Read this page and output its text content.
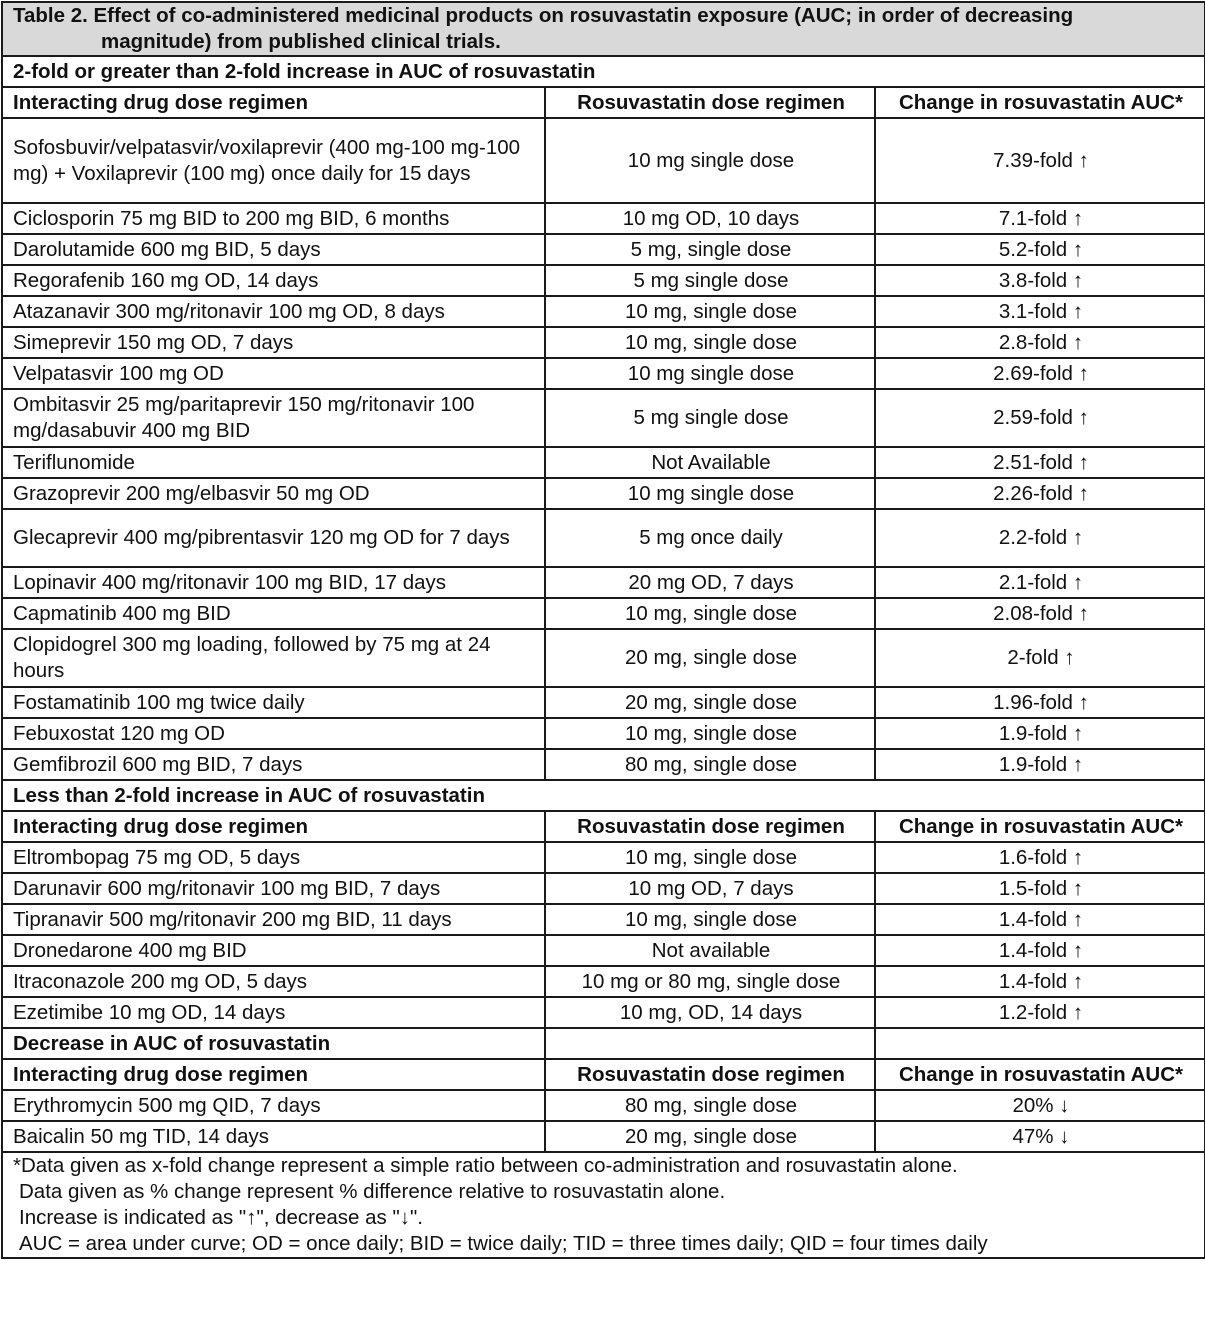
Table 2. Effect of co-administered medicinal products on rosuvastatin exposure (AUC; in order of decreasing
magnitude) from published clinical trials.		

2-fold or greater than 2-fold increase in AUC of rosuvastatin		
Interacting drug dose regimen	Rosuvastatin dose regimen	Change in rosuvastatin AUC*
Sofosbuvir/velpatasvir/voxilaprevir (400 mg-100 mg-100 mg) + Voxilaprevir (100 mg) once daily for 15 days	10 mg single dose	7.39-fold ↑
Ciclosporin 75 mg BID to 200 mg BID, 6 months	10 mg OD, 10 days	7.1-fold ↑
Darolutamide 600 mg BID, 5 days	5 mg, single dose	5.2-fold ↑
Regorafenib 160 mg OD, 14 days	5 mg single dose	3.8-fold ↑
Atazanavir 300 mg/ritonavir 100 mg OD, 8 days	10 mg, single dose	3.1-fold ↑
Simeprevir 150 mg OD, 7 days	10 mg, single dose	2.8-fold ↑
Velpatasvir 100 mg OD	10 mg single dose	2.69-fold ↑
Ombitasvir 25 mg/paritaprevir 150 mg/ritonavir 100 mg/dasabuvir 400 mg BID	5 mg single dose	2.59-fold ↑
Teriflunomide	Not Available	2.51-fold ↑
Grazoprevir 200 mg/elbasvir 50 mg OD	10 mg single dose	2.26-fold ↑
Glecaprevir 400 mg/pibrentasvir 120 mg OD for 7 days	5 mg once daily	2.2-fold ↑
Lopinavir 400 mg/ritonavir 100 mg BID, 17 days	20 mg OD, 7 days	2.1-fold ↑
Capmatinib 400 mg BID	10 mg, single dose	2.08-fold ↑
Clopidogrel 300 mg loading, followed by 75 mg at 24 hours	20 mg, single dose	2-fold ↑
Fostamatinib 100 mg twice daily	20 mg, single dose	1.96-fold ↑
Febuxostat 120 mg OD	10 mg, single dose	1.9-fold ↑
Gemfibrozil 600 mg BID, 7 days	80 mg, single dose	1.9-fold ↑
Less than 2-fold increase in AUC of rosuvastatin		
Interacting drug dose regimen	Rosuvastatin dose regimen	Change in rosuvastatin AUC*
Eltrombopag 75 mg OD, 5 days	10 mg, single dose	1.6-fold ↑
Darunavir 600 mg/ritonavir 100 mg BID, 7 days	10 mg OD, 7 days	1.5-fold ↑
Tipranavir 500 mg/ritonavir 200 mg BID, 11 days	10 mg, single dose	1.4-fold ↑
Dronedarone 400 mg BID	Not available	1.4-fold ↑
Itraconazole 200 mg OD, 5 days	10 mg or 80 mg, single dose	1.4-fold ↑
Ezetimibe 10 mg OD, 14 days	10 mg, OD, 14 days	1.2-fold ↑
Decrease in AUC of rosuvastatin		
Interacting drug dose regimen	Rosuvastatin dose regimen	Change in rosuvastatin AUC*
Erythromycin 500 mg QID, 7 days	80 mg, single dose	20% ↓
Baicalin 50 mg TID, 14 days	20 mg, single dose	47% ↓

*Data given as x-fold change represent a simple ratio between co-administration and rosuvastatin alone.
Data given as % change represent % difference relative to rosuvastatin alone.
Increase is indicated as "↑", decrease as "↓".
AUC = area under curve; OD = once daily; BID = twice daily; TID = three times daily; QID = four times daily		
